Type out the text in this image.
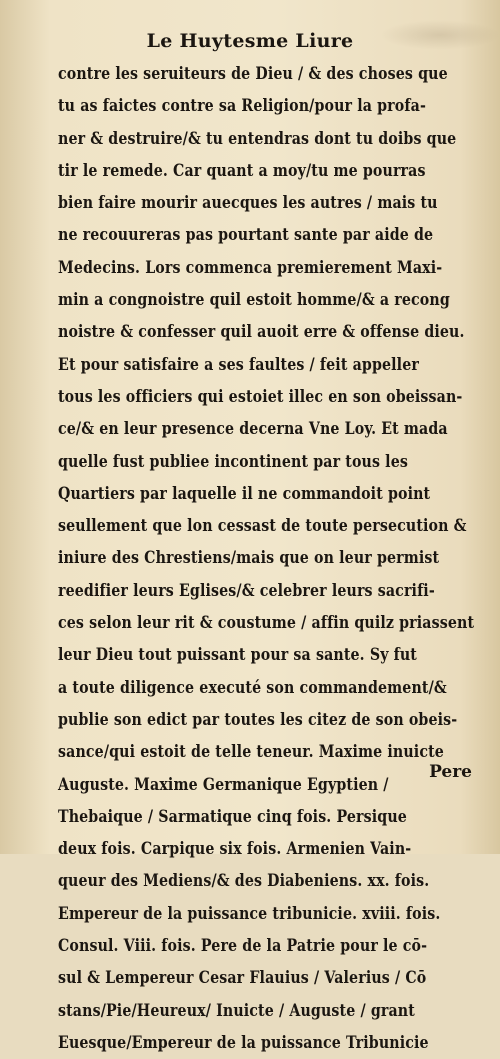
Le Huytesme Liure
contre les seruiteurs de Dieu / & des choses que
tu as faictes contre sa Religion/pour la profa-
ner & destruire/& tu entendras dont tu doibs que
tir le remede. Car quant a moy/tu me pourras
bien faire mourir auecques les autres / mais tu
ne recouureras pas pourtant sante par aide de
Medecins. Lors commenca premierement Maxi-
min a congnoistre quil estoit homme/& a recong
noistre & confesser quil auoit erre & offense dieu.
Et pour satisfaire a ses faultes / feit appeller
tous les officiers qui estoiet illec en son obeissan-
ce/& en leur presence decerna Vne Loy. Et mada
quelle fust publiee incontinent par tous les
Quartiers par laquelle il ne commandoit point
seullement que lon cessast de toute persecution &
iniure des Chrestiens/mais que on leur permist
reedifier leurs Eglises/& celebrer leurs sacrifi-
ces selon leur rit & coustume / affin quilz priassent
leur Dieu tout puissant pour sa sante. Sy fut
a toute diligence executé son commandement/&
publie son edict par toutes les citez de son obeis-
sance/qui estoit de telle teneur. Maxime inuicte
Auguste. Maxime Germanique Egyptien /
Thebaique / Sarmatique cinq fois. Persique
deux fois. Carpique six fois. Armenien Vain-
queur des Mediens/& des Diabeniens. xx. fois.
Empereur de la puissance tribunicie. xviii. fois.
Consul. Viii. fois. Pere de la Patrie pour le cō-
sul & Lempereur Cesar Flauius / Valerius / Cō
stans/Pie/Heureux/ Inuicte / Auguste / grant
Euesque/Empereur de la puissance Tribunicie
Pere
